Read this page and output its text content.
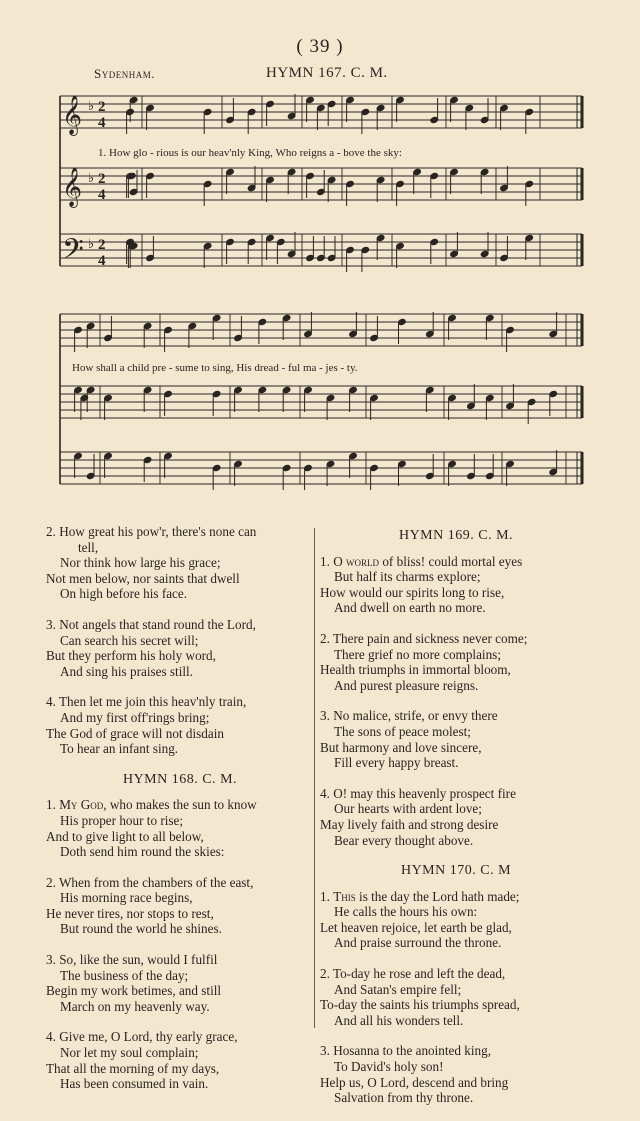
( 39 )
Sydenham.	HYMN 167. C. M.
𝄞 ♭ 2
4
𝄞 ♭ 2
4
𝄢 ♭ 2
4
1. How glo - rious is our heav'nly King, Who reigns a - bove the sky:
How shall a child pre - sume to sing, His dread - ful ma - jes - ty.
2. How great his pow'r, there's none can
tell,
Nor think how large his grace;
Not men below, nor saints that dwell
On high before his face.
3. Not angels that stand round the Lord,
Can search his secret will;
But they perform his holy word,
And sing his praises still.
4. Then let me join this heav'nly train,
And my first off'rings bring;
The God of grace will not disdain
To hear an infant sing.
HYMN 168. C. M.
1. My God, who makes the sun to know
His proper hour to rise;
And to give light to all below,
Doth send him round the skies:
2. When from the chambers of the east,
His morning race begins,
He never tires, nor stops to rest,
But round the world he shines.
3. So, like the sun, would I fulfil
The business of the day;
Begin my work betimes, and still
March on my heavenly way.
4. Give me, O Lord, thy early grace,
Nor let my soul complain;
That all the morning of my days,
Has been consumed in vain.
HYMN 169. C. M.
1. O world of bliss! could mortal eyes
But half its charms explore;
How would our spirits long to rise,
And dwell on earth no more.
2. There pain and sickness never come;
There grief no more complains;
Health triumphs in immortal bloom,
And purest pleasure reigns.
3. No malice, strife, or envy there
The sons of peace molest;
But harmony and love sincere,
Fill every happy breast.
4. O! may this heavenly prospect fire
Our hearts with ardent love;
May lively faith and strong desire
Bear every thought above.
HYMN 170. C. M
1. This is the day the Lord hath made;
He calls the hours his own:
Let heaven rejoice, let earth be glad,
And praise surround the throne.
2. To-day he rose and left the dead,
And Satan's empire fell;
To-day the saints his triumphs spread,
And all his wonders tell.
3. Hosanna to the anointed king,
To David's holy son!
Help us, O Lord, descend and bring
Salvation from thy throne.
